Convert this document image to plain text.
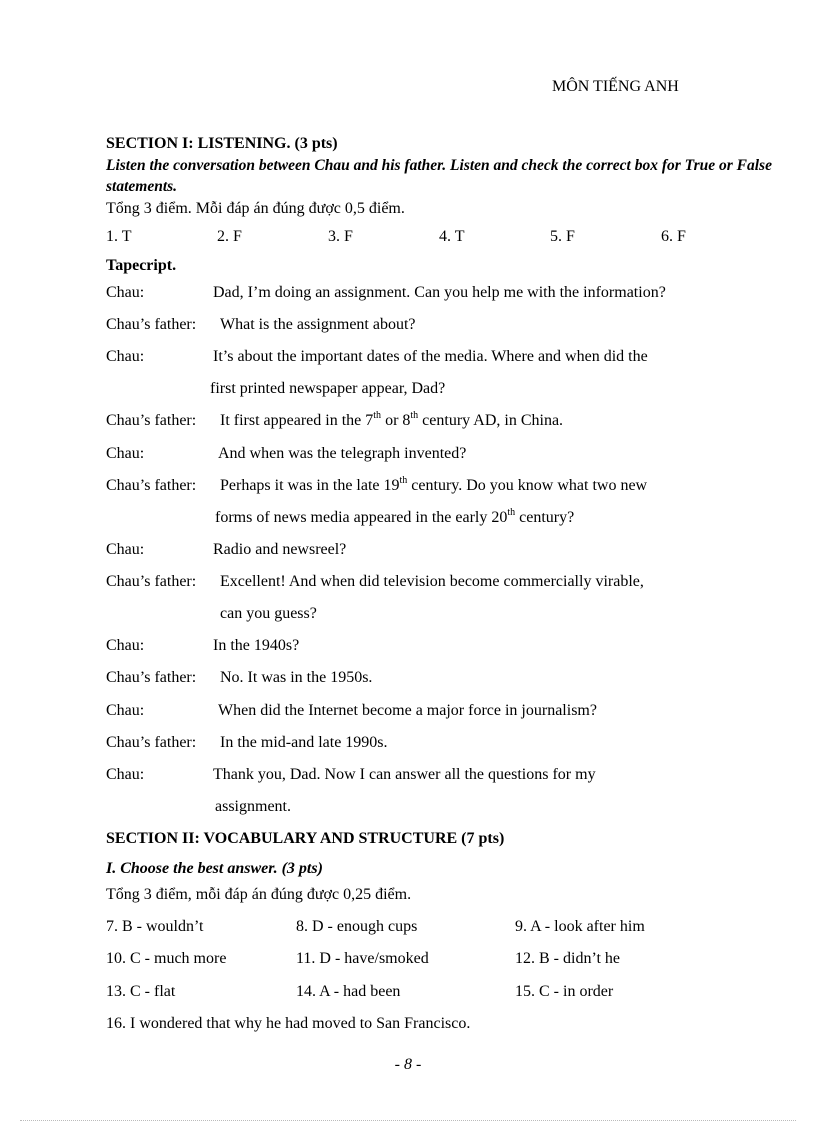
MÔN TIẾNG ANH
SECTION I: LISTENING. (3 pts)
Listen the conversation between Chau and his father. Listen and check the correct box for True or False statements.
Tổng 3 điểm. Mỗi đáp án đúng được 0,5 điểm.
1. T	2. F	3. F	4. T	5. F	6. F
Tapecript.
Chau:	Dad, I’m doing an assignment. Can you help me with the information?
Chau’s father: What is the assignment about?
Chau:	It’s about the important dates of the media. Where and when did the
first printed newspaper appear, Dad?
Chau’s father: It first appeared in the 7th or 8th century AD, in China.
Chau:	And when was the telegraph invented?
Chau’s father: Perhaps it was in the late 19th century. Do you know what two new
forms of news media appeared in the early 20th century?
Chau:	Radio and newsreel?
Chau’s father: Excellent! And when did television become commercially virable,
can you guess?
Chau:	In the 1940s?
Chau’s father: No. It was in the 1950s.
Chau:	When did the Internet become a major force in journalism?
Chau’s father: In the mid-and late 1990s.
Chau:	Thank you, Dad. Now I can answer all the questions for my
assignment.
SECTION II: VOCABULARY AND STRUCTURE (7 pts)
I. Choose the best answer. (3 pts)
Tổng 3 điểm, mỗi đáp án đúng được 0,25 điểm.
7. B - wouldn’t	8. D - enough cups	9. A - look after him
10. C - much more	11. D - have/smoked	12. B - didn’t he
13. C - flat	14. A - had been	15. C - in order
16. I wondered that why he had moved to San Francisco.
- 8 -
